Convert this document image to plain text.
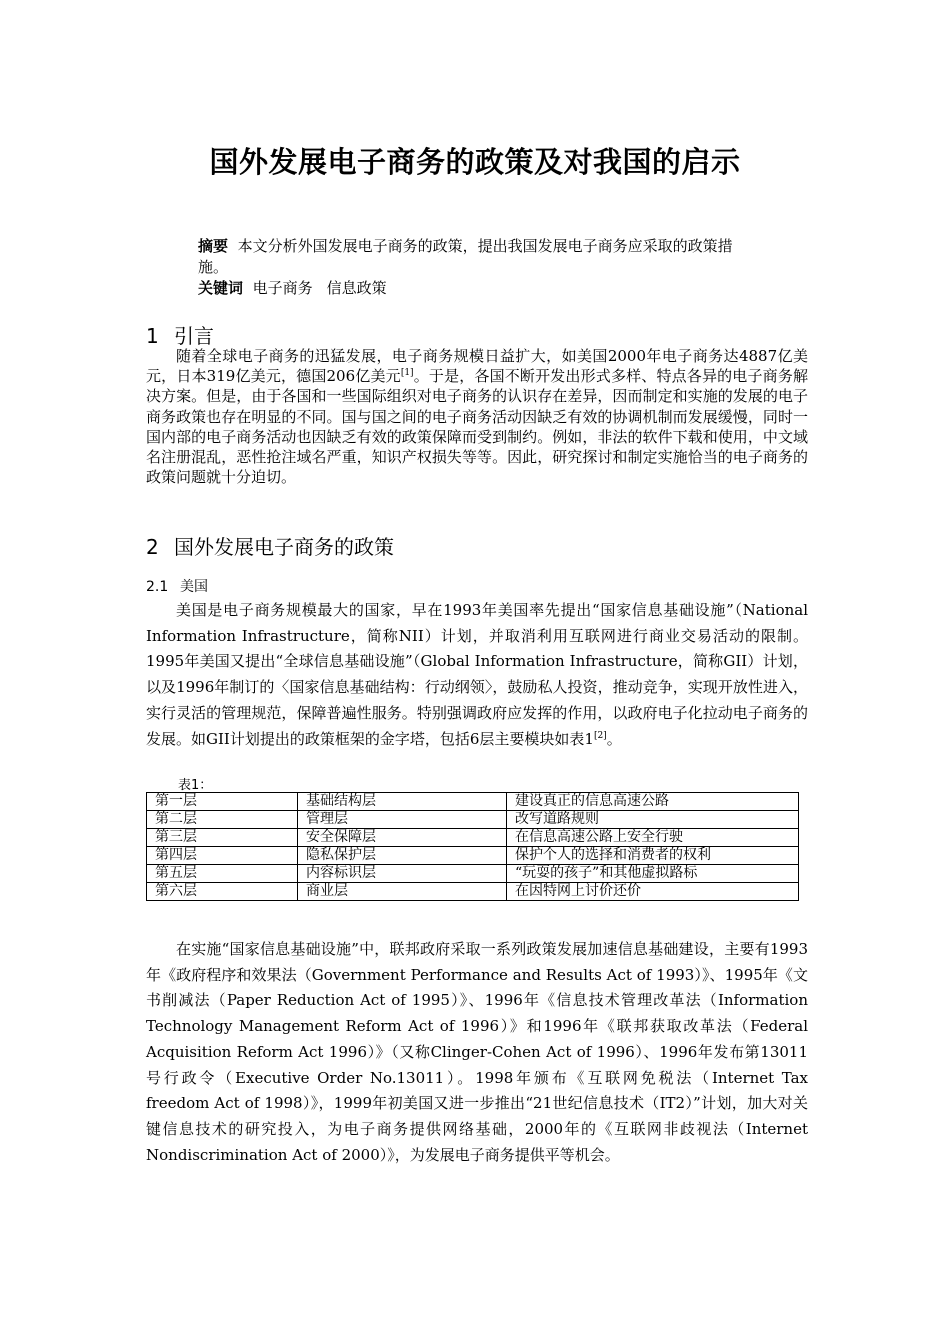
国外发展电子商务的政策及对我国的启示
摘要 本文分析外国发展电子商务的政策，提出我国发展电子商务应采取的政策措施。
关键词 电子商务 信息政策
1 引言

随着全球电子商务的迅猛发展，电子商务规模日益扩大，如美国2000年电子商务达4887亿美元，日本319亿美元，德国206亿美元[1]。于是，各国不断开发出形式多样、特点各异的电子商务解决方案。但是，由于各国和一些国际组织对电子商务的认识存在差异，因而制定和实施的发展的电子商务政策也存在明显的不同。国与国之间的电子商务活动因缺乏有效的协调机制而发展缓慢，同时一国内部的电子商务活动也因缺乏有效的政策保障而受到制约。例如，非法的软件下载和使用，中文域名注册混乱，恶性抢注域名严重，知识产权损失等等。因此，研究探讨和制定实施恰当的电子商务的政策问题就十分迫切。

2 国外发展电子商务的政策
2.1 美国

美国是电子商务规模最大的国家，早在1993年美国率先提出“国家信息基础设施”（National Information Infrastructure，简称NII）计划，并取消利用互联网进行商业交易活动的限制。1995年美国又提出“全球信息基础设施”（Global Information Infrastructure，简称GII）计划，以及1996年制订的〈国家信息基础结构：行动纲领〉，鼓励私人投资，推动竞争，实现开放性进入，实行灵活的管理规范，保障普遍性服务。特别强调政府应发挥的作用，以政府电子化拉动电子商务的发展。如GII计划提出的政策框架的金字塔，包括6层主要模块如表1[2]。

表1：
第一层	基础结构层	建设真正的信息高速公路
第二层	管理层	改写道路规则
第三层	安全保障层	在信息高速公路上安全行驶
第四层	隐私保护层	保护个人的选择和消费者的权利
第五层	内容标识层	“玩耍的孩子”和其他虚拟路标
第六层	商业层	在因特网上讨价还价

在实施“国家信息基础设施”中，联邦政府采取一系列政策发展加速信息基础建设，主要有1993年《政府程序和效果法（Government Performance and Results Act of 1993）》、1995年《文书削减法（Paper Reduction Act of 1995）》、1996年《信息技术管理改革法（Information Technology Management Reform Act of 1996）》和1996年《联邦获取改革法（Federal Acquisition Reform Act 1996）》（又称Clinger-Cohen Act of 1996）、1996年发布第13011号行政令（Executive Order No.13011）。1998年颁布《互联网免税法（Internet Tax freedom Act of 1998）》，1999年初美国又进一步推出“21世纪信息技术（IT2）”计划，加大对关键信息技术的研究投入，为电子商务提供网络基础，2000年的《互联网非歧视法（Internet Nondiscrimination Act of 2000）》，为发展电子商务提供平等机会。
